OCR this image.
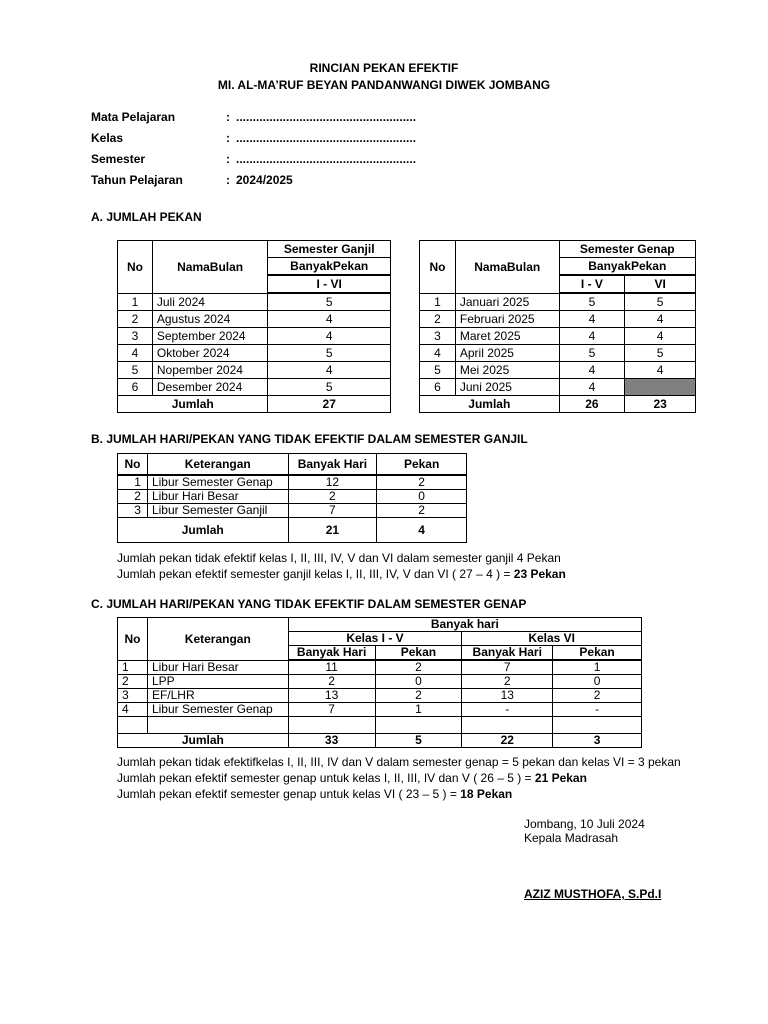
RINCIAN PEKAN EFEKTIF
MI. AL-MA’RUF BEYAN PANDANWANGI DIWEK JOMBANG
Mata Pelajaran	: ......................................................
Kelas	: ......................................................
Semester	: ......................................................
Tahun Pelajaran	: 2024/2025
A. JUMLAH PEKAN
No	NamaBulan	Semester Ganjil
		BanyakPekan
		I - VI
1	Juli 2024	5
2	Agustus 2024	4
3	September 2024	4
4	Oktober 2024	5
5	Nopember 2024	4
6	Desember 2024	5
Jumlah		27
No	NamaBulan	Semester Genap	
		BanyakPekan	
		I - V	VI
1	Januari 2025	5	5
2	Februari 2025	4	4
3	Maret 2025	4	4
4	April 2025	5	5
5	Mei 2025	4	4
6	Juni 2025	4	
Jumlah		26	23
B. JUMLAH HARI/PEKAN YANG TIDAK EFEKTIF DALAM SEMESTER GANJIL
No	Keterangan	Banyak Hari	Pekan
1	Libur Semester Genap	12	2
2	Libur Hari Besar	2	0
3	Libur Semester Ganjil	7	2
Jumlah		21	4
Jumlah pekan tidak efektif kelas I, II, III, IV, V dan VI dalam semester ganjil 4 Pekan
Jumlah pekan efektif semester ganjil kelas I, II, III, IV, V dan VI ( 27 – 4 ) = 23 Pekan
C. JUMLAH HARI/PEKAN YANG TIDAK EFEKTIF DALAM SEMESTER GENAP
No	Keterangan	Banyak hari			
		Kelas I - V		Kelas VI	
		Banyak Hari	Pekan	Banyak Hari	Pekan
1	Libur Hari Besar	11	2	7	1
2	LPP	2	0	2	0
3	EF/LHR	13	2	13	2
4	Libur Semester Genap	7	1	-	-

Jumlah		33	5	22	3
Jumlah pekan tidak efektifkelas I, II, III, IV dan V dalam semester genap = 5 pekan dan kelas VI = 3 pekan
Jumlah pekan efektif semester genap untuk kelas I, II, III, IV dan V ( 26 – 5 ) = 21 Pekan
Jumlah pekan efektif semester genap untuk kelas VI ( 23 – 5 ) = 18 Pekan
Jombang, 10 Juli 2024
Kepala Madrasah
AZIZ MUSTHOFA, S.Pd.I
